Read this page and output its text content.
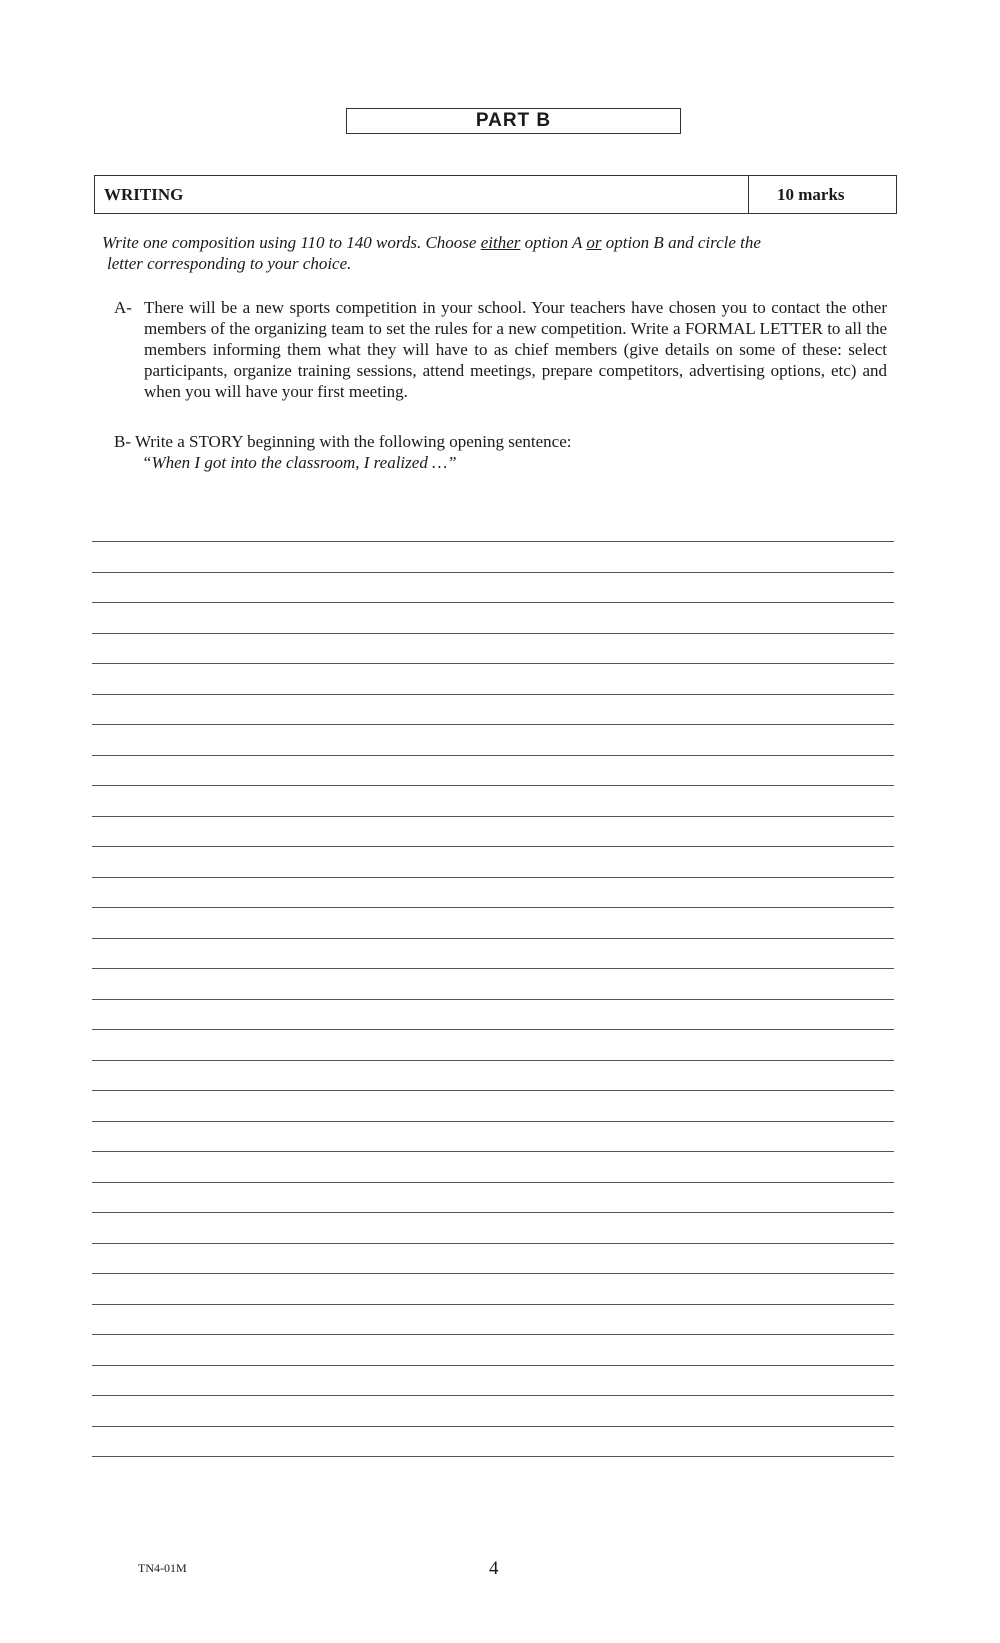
PART B
WRITING	10 marks
Write one composition using 110 to 140 words. Choose either option A or option B and circle the
letter corresponding to your choice.
A- There will be a new sports competition in your school. Your teachers have chosen you to contact the other members of the organizing team to set the rules for a new competition. Write a FORMAL LETTER to all the members informing them what they will have to as chief members (give details on some of these: select participants, organize training sessions, attend meetings, prepare competitors, advertising options, etc) and when you will have your first meeting.
B- Write a STORY beginning with the following opening sentence:
“When I got into the classroom, I realized …”
TN4-01M	4
